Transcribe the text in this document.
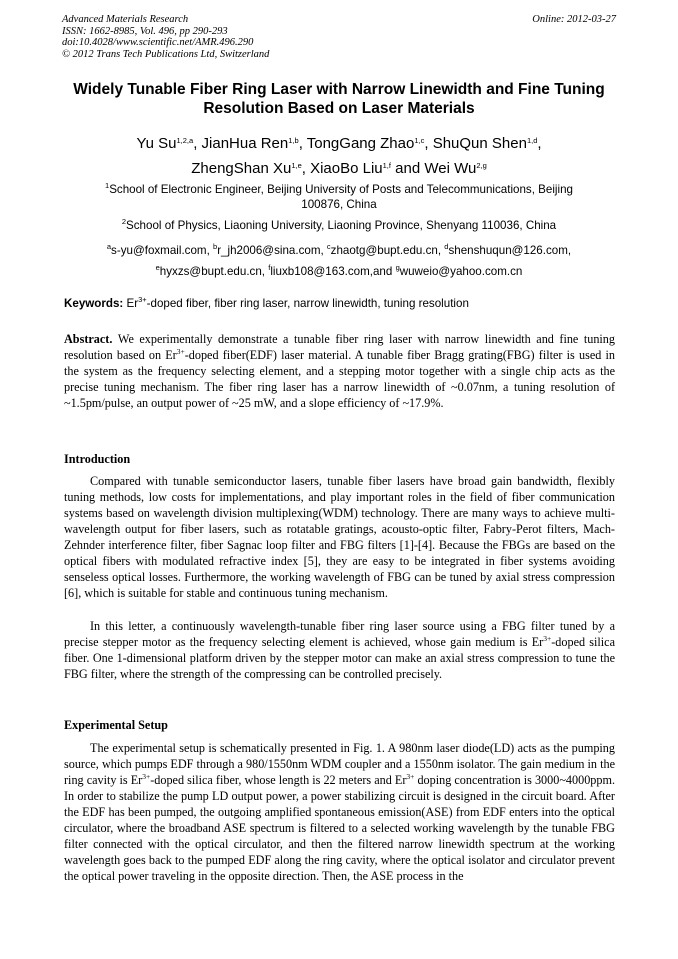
Advanced Materials Research
ISSN: 1662-8985, Vol. 496, pp 290-293
doi:10.4028/www.scientific.net/AMR.496.290
© 2012 Trans Tech Publications Ltd, Switzerland
Online: 2012-03-27
Widely Tunable Fiber Ring Laser with Narrow Linewidth and Fine Tuning
Resolution Based on Laser Materials
Yu Su$^{1,2,a}$, JianHua Ren$^{1,b}$, TongGang Zhao$^{1,c}$, ShuQun Shen$^{1,d}$,
ZhengShan Xu$^{1,e}$, XiaoBo Liu$^{1,f}$ and Wei Wu$^{2,g}$
$^1$School of Electronic Engineer, Beijing University of Posts and Telecommunications, Beijing
100876, China
$^2$School of Physics, Liaoning University, Liaoning Province, Shenyang 110036, China
$^a$s-yu@foxmail.com, $^b$r_jh2006@sina.com, $^c$zhaotg@bupt.edu.cn, $^d$shenshuqun@126.com,
$^e$hyxzs@bupt.edu.cn, $^f$liuxb108@163.com,and $^g$wuweio@yahoo.com.cn
Keywords: $Er^{3+}$-doped fiber, fiber ring laser, narrow linewidth, tuning resolution
Abstract. We experimentally demonstrate a tunable fiber ring laser with narrow linewidth and fine tuning resolution based on $Er^{3+}$-doped fiber(EDF) laser material. A tunable fiber Bragg grating(FBG) filter is used in the system as the frequency selecting element, and a stepping motor together with a single chip acts as the precise tuning mechanism. The fiber ring laser has a narrow linewidth of ~0.07nm, a tuning resolution of ~1.5pm/pulse, an output power of ~25 mW, and a slope efficiency of ~17.9%.
Introduction
Compared with tunable semiconductor lasers, tunable fiber lasers have broad gain bandwidth, flexibly tuning methods, low costs for implementations, and play important roles in the field of fiber communication systems based on wavelength division multiplexing(WDM) technology. There are many ways to achieve multi-wavelength output for fiber lasers, such as rotatable gratings, acousto-optic filter, Fabry-Perot filters, Mach-Zehnder interference filter, fiber Sagnac loop filter and FBG filters [1]-[4]. Because the FBGs are based on the optical fibers with modulated refractive index [5], they are easy to be integrated in fiber systems avoiding senseless optical losses. Furthermore, the working wavelength of FBG can be tuned by axial stress compression [6], which is suitable for stable and continuous tuning mechanism.
In this letter, a continuously wavelength-tunable fiber ring laser source using a FBG filter tuned by a precise stepper motor as the frequency selecting element is achieved, whose gain medium is $Er^{3+}$-doped silica fiber. One 1-dimensional platform driven by the stepper motor can make an axial stress compression to tune the FBG filter, where the strength of the compressing can be controlled precisely.
Experimental Setup
The experimental setup is schematically presented in Fig. 1. A 980nm laser diode(LD) acts as the pumping source, which pumps EDF through a 980/1550nm WDM coupler and a 1550nm isolator. The gain medium in the ring cavity is $Er^{3+}$-doped silica fiber, whose length is 22 meters and $Er^{3+}$ doping concentration is 3000~4000ppm. In order to stabilize the pump LD output power, a power stabilizing circuit is designed in the circuit board. After the EDF has been pumped, the outgoing amplified spontaneous emission(ASE) from EDF enters into the optical circulator, where the broadband ASE spectrum is filtered to a selected working wavelength by the tunable FBG filter connected with the optical circulator, and then the filtered narrow linewidth spectrum at the working wavelength goes back to the pumped EDF along the ring cavity, where the optical isolator and circulator prevent the optical power traveling in the opposite direction. Then, the ASE process in the
